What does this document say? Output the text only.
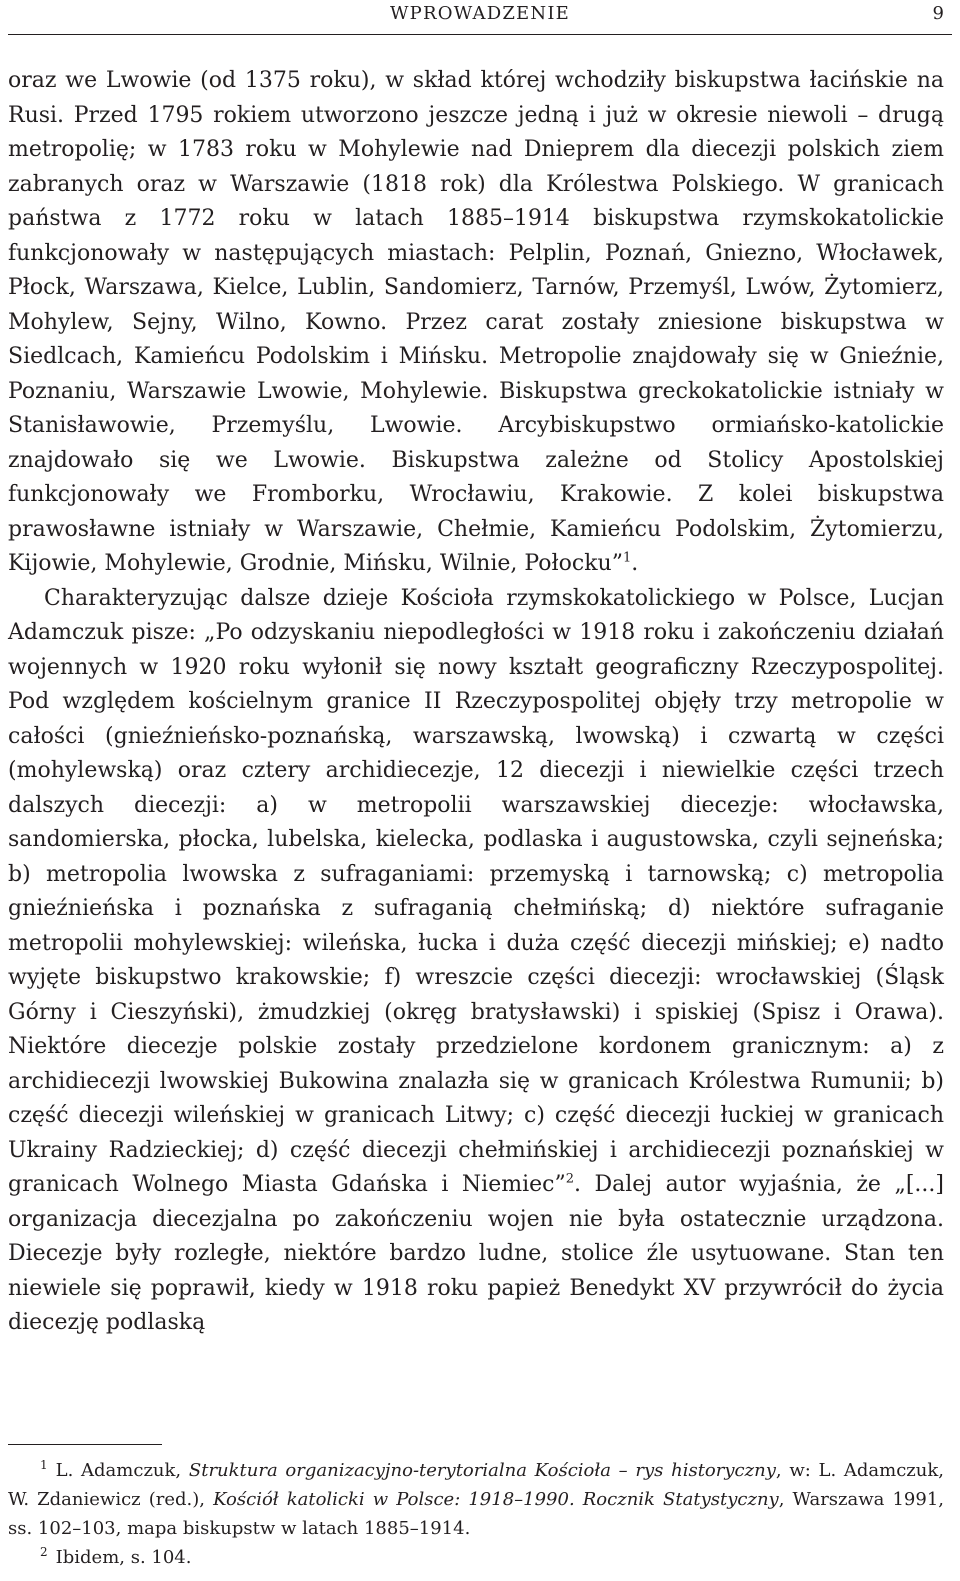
WPROWADZENIE	9

oraz we Lwowie (od 1375 roku), w skład której wchodziły biskupstwa łacińskie na Rusi. Przed 1795 rokiem utworzono jeszcze jedną i już w okresie niewoli – drugą metropolię; w 1783 roku w Mohylewie nad Dnieprem dla diecezji polskich ziem zabranych oraz w Warszawie (1818 rok) dla Królestwa Polskiego. W granicach państwa z 1772 roku w latach 1885–1914 biskupstwa rzymskokatolickie funkcjonowały w następujących miastach: Pelplin, Poznań, Gniezno, Włocławek, Płock, Warszawa, Kielce, Lublin, Sandomierz, Tarnów, Przemyśl, Lwów, Żytomierz, Mohylew, Sejny, Wilno, Kowno. Przez carat zostały zniesione biskupstwa w Siedlcach, Kamieńcu Podolskim i Mińsku. Metropolie znajdowały się w Gnieźnie, Poznaniu, Warszawie Lwowie, Mohylewie. Biskupstwa greckokatolickie istniały w Stanisławowie, Przemyślu, Lwowie. Arcybiskupstwo ormiańsko-katolickie znajdowało się we Lwowie. Biskupstwa zależne od Stolicy Apostolskiej funkcjonowały we Fromborku, Wrocławiu, Krakowie. Z kolei biskupstwa prawosławne istniały w Warszawie, Chełmie, Kamieńcu Podolskim, Żytomierzu, Kijowie, Mohylewie, Grodnie, Mińsku, Wilnie, Połocku”$^1$.

Charakteryzując dalsze dzieje Kościoła rzymskokatolickiego w Polsce, Lucjan Adamczuk pisze: „Po odzyskaniu niepodległości w 1918 roku i zakończeniu działań wojennych w 1920 roku wyłonił się nowy kształt geograficzny Rzeczypospolitej. Pod względem kościelnym granice II Rzeczypospolitej objęły trzy metropolie w całości (gnieźnieńsko-poznańską, warszawską, lwowską) i czwartą w części (mohylewską) oraz cztery archidiecezje, 12 diecezji i niewielkie części trzech dalszych diecezji: a) w metropolii warszawskiej diecezje: włocławska, sandomierska, płocka, lubelska, kielecka, podlaska i augustowska, czyli sejneńska; b) metropolia lwowska z sufraganiami: przemyską i tarnowską; c) metropolia gnieźnieńska i poznańska z sufraganią chełmińską; d) niektóre sufraganie metropolii mohylewskiej: wileńska, łucka i duża część diecezji mińskiej; e) nadto wyjęte biskupstwo krakowskie; f) wreszcie części diecezji: wrocławskiej (Śląsk Górny i Cieszyński), żmudzkiej (okręg bratysławski) i spiskiej (Spisz i Orawa). Niektóre diecezje polskie zostały przedzielone kordonem granicznym: a) z archidiecezji lwowskiej Bukowina znalazła się w granicach Królestwa Rumunii; b) część diecezji wileńskiej w granicach Litwy; c) część diecezji łuckiej w granicach Ukrainy Radzieckiej; d) część diecezji chełmińskiej i archidiecezji poznańskiej w granicach Wolnego Miasta Gdańska i Niemiec”$^2$. Dalej autor wyjaśnia, że „[...] organizacja diecezjalna po zakończeniu wojen nie była ostatecznie urządzona. Diecezje były rozległe, niektóre bardzo ludne, stolice źle usytuowane. Stan ten niewiele się poprawił, kiedy w 1918 roku papież Benedykt XV przywrócił do życia diecezję podlaską

$^1$ L. Adamczuk, Struktura organizacyjno-terytorialna Kościoła – rys historyczny, w: L. Adamczuk, W. Zdaniewicz (red.), Kościół katolicki w Polsce: 1918–1990. Rocznik Statystyczny, Warszawa 1991, ss. 102–103, mapa biskupstw w latach 1885–1914.

$^2$ Ibidem, s. 104.
